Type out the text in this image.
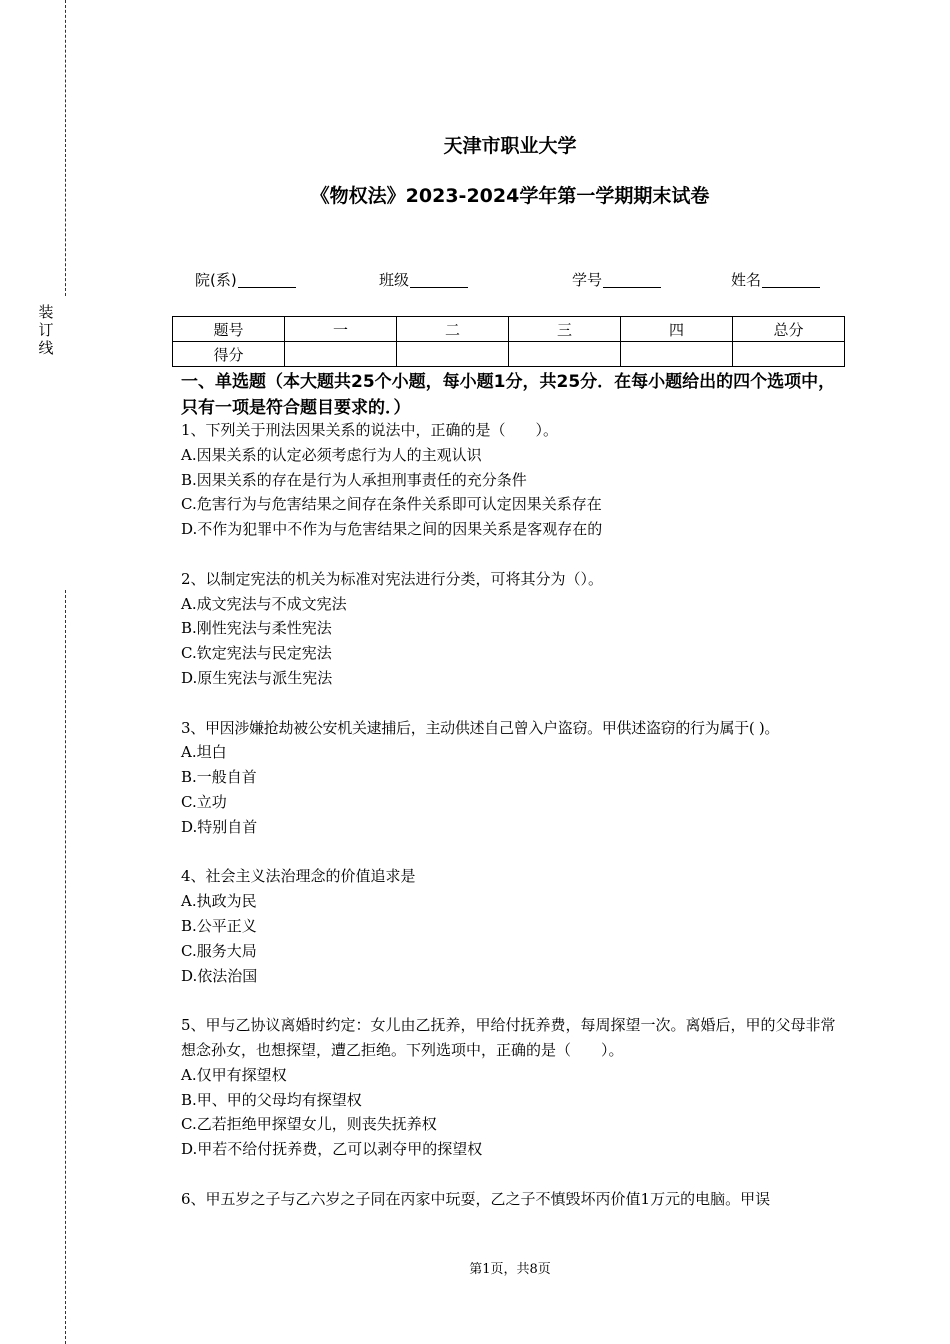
装
订
线
天津市职业大学
《物权法》2023-2024学年第一学期期末试卷
院(系)	班级	学号	姓名
题号	一	二	三	四	总分
得分					
一、单选题（本大题共25个小题，每小题1分，共25分．在每小题给出的四个选项中，只有一项是符合题目要求的．）

1、下列关于刑法因果关系的说法中，正确的是（　　）。

A.因果关系的认定必须考虑行为人的主观认识

B.因果关系的存在是行为人承担刑事责任的充分条件

C.危害行为与危害结果之间存在条件关系即可认定因果关系存在

D.不作为犯罪中不作为与危害结果之间的因果关系是客观存在的

2、以制定宪法的机关为标准对宪法进行分类，可将其分为（）。

A.成文宪法与不成文宪法

B.刚性宪法与柔性宪法

C.钦定宪法与民定宪法

D.原生宪法与派生宪法

3、甲因涉嫌抢劫被公安机关逮捕后，主动供述自己曾入户盗窃。甲供述盗窃的行为属于( )。

A.坦白

B.一般自首

C.立功

D.特别自首

4、社会主义法治理念的价值追求是

A.执政为民

B.公平正义

C.服务大局

D.依法治国

5、甲与乙协议离婚时约定：女儿由乙抚养，甲给付抚养费，每周探望一次。离婚后，甲的父母非常想念孙女，也想探望，遭乙拒绝。下列选项中，正确的是（　　）。

A.仅甲有探望权

B.甲、甲的父母均有探望权

C.乙若拒绝甲探望女儿，则丧失抚养权

D.甲若不给付抚养费，乙可以剥夺甲的探望权

6、甲五岁之子与乙六岁之子同在丙家中玩耍，乙之子不慎毁坏丙价值1万元的电脑。甲误

第1页，共8页
